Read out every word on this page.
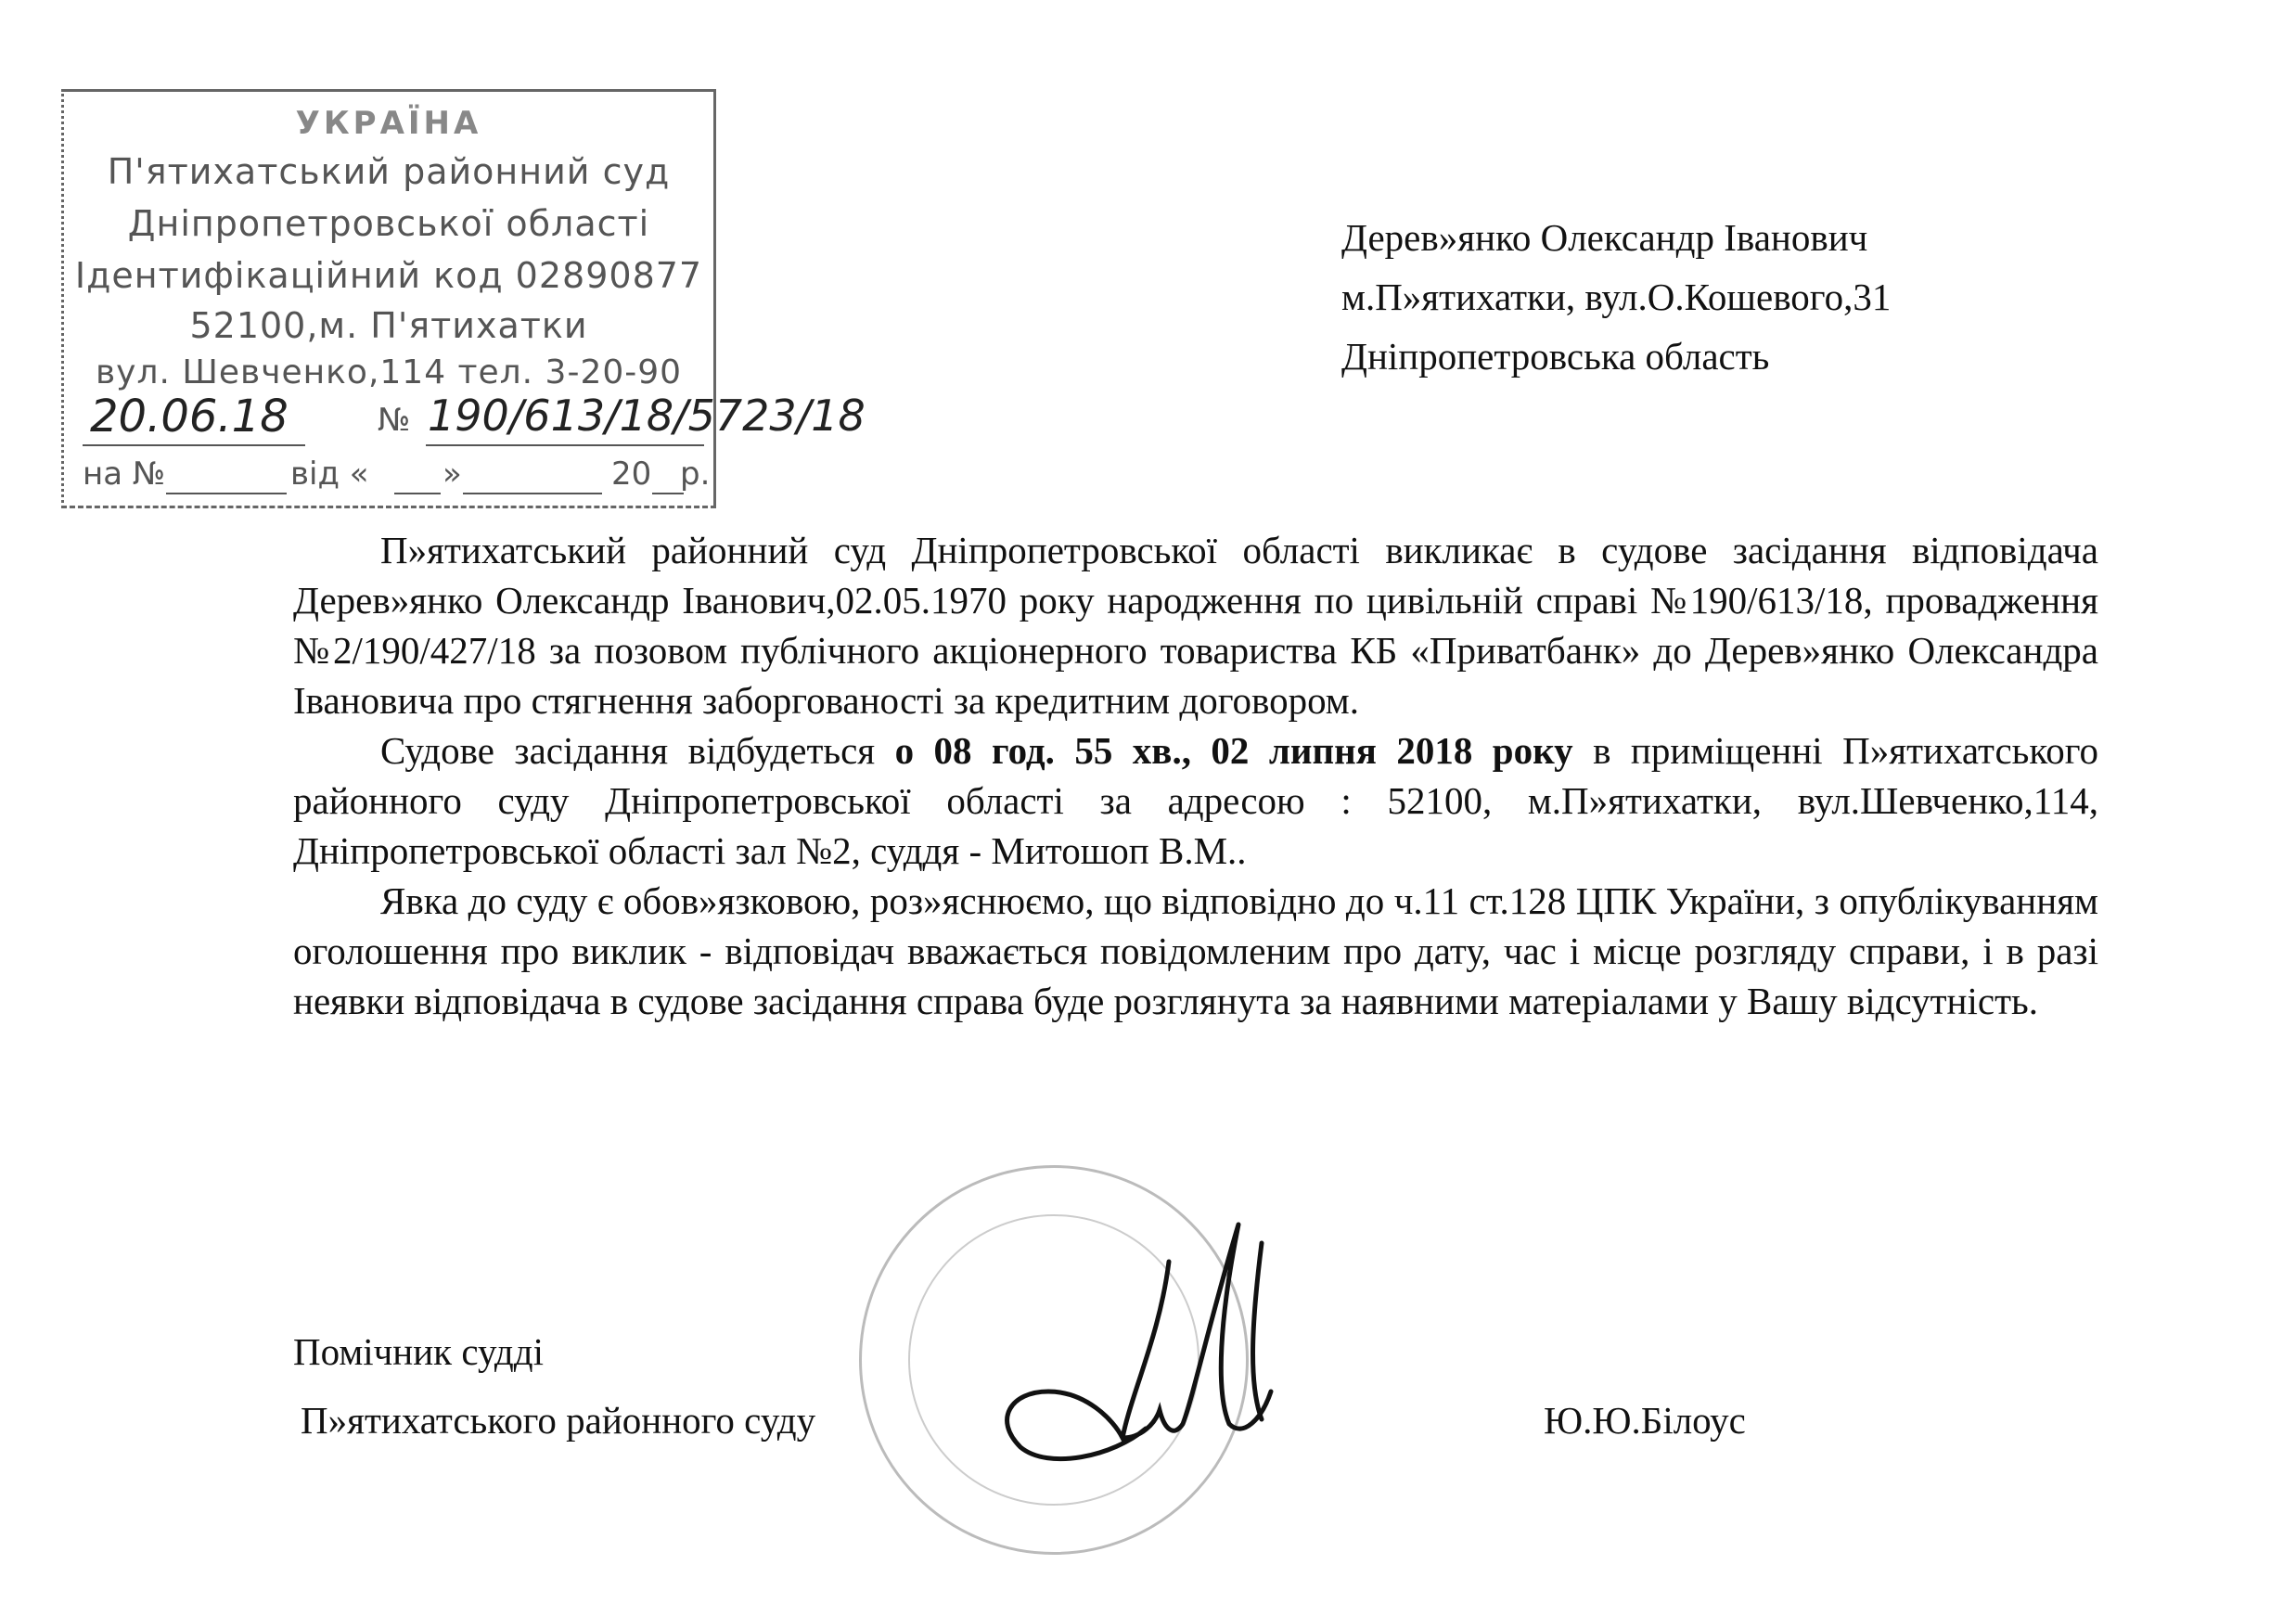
УКРАЇНА
П'ятихатський районний суд
Дніпропетровської області
Ідентифікаційний код 02890877
52100,м. П'ятихатки
вул. Шевченко,114 тел. 3-20-90
20.06.18	№ 190/613/18/5723/18
на №	від « »	20 р.
Дерев»янко Олександр Іванович
м.П»ятихатки, вул.О.Кошевого,31
Дніпропетровська область

П»ятихатський районний суд Дніпропетровської області викликає в судове засідання відповідача Дерев»янко Олександр Іванович,02.05.1970 року народження по цивільній справі №190/613/18, провадження №2/190/427/18 за позовом публічного акціонерного товариства КБ «Приватбанк» до Дерев»янко Олександра Івановича про стягнення заборгованості за кредитним договором.

Судове засідання відбудеться о 08 год. 55 хв., 02 липня 2018 року в приміщенні П»ятихатського районного суду Дніпропетровської області за адресою : 52100, м.П»ятихатки, вул.Шевченко,114, Дніпропетровської області зал №2, суддя - Митошоп В.М..

Явка до суду є обов»язковою, роз»яснюємо, що відповідно до ч.11 ст.128 ЦПК України, з опублікуванням оголошення про виклик - відповідач вважається повідомленим про дату, час і місце розгляду справи, і в разі неявки відповідача в судове засідання справа буде розглянута за наявними матеріалами у Вашу відсутність.

Помічник судді
П»ятихатського районного суду	Ю.Ю.Білоус
